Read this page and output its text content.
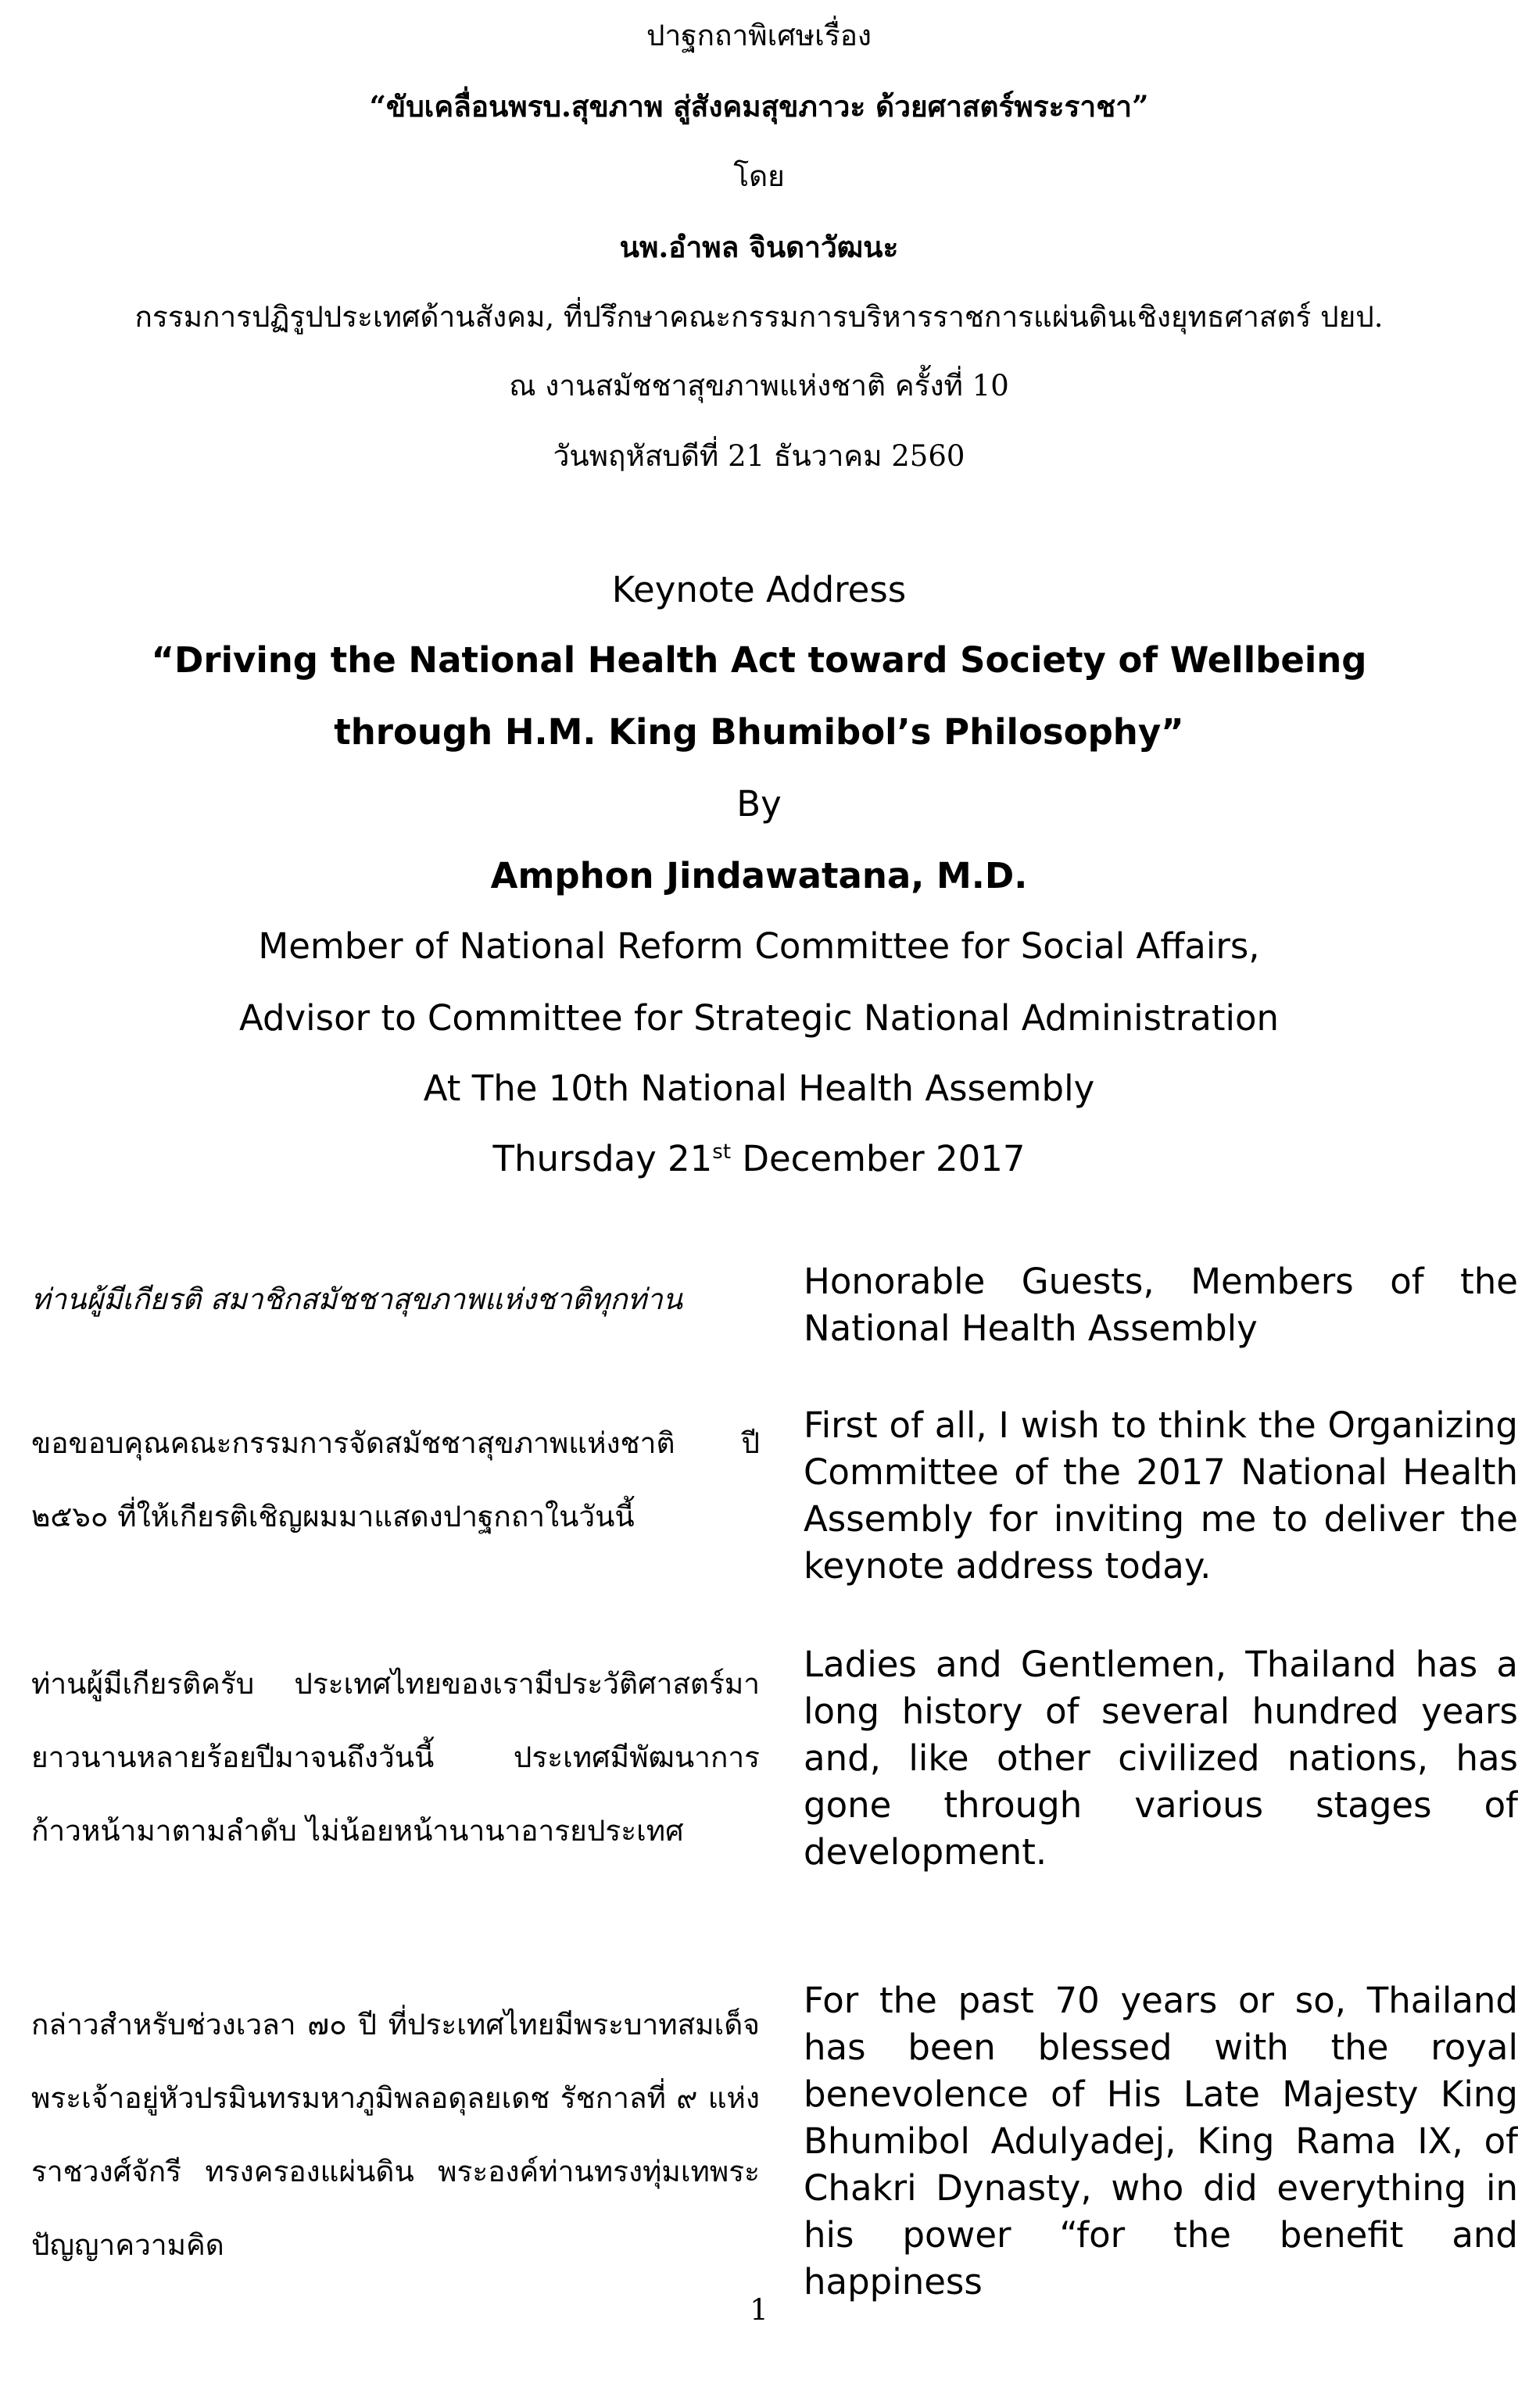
ปาฐกถาพิเศษเรื่อง

“ขับเคลื่อนพรบ.สุขภาพ สู่สังคมสุขภาวะ ด้วยศาสตร์พระราชา”

โดย

นพ.อำพล จินดาวัฒนะ

กรรมการปฏิรูปประเทศด้านสังคม, ที่ปรึกษาคณะกรรมการบริหารราชการแผ่นดินเชิงยุทธศาสตร์ ปยป.

ณ งานสมัชชาสุขภาพแห่งชาติ ครั้งที่ 10

วันพฤหัสบดีที่ 21 ธันวาคม 2560

Keynote Address

“Driving the National Health Act toward Society of Wellbeing

through H.M. King Bhumibol’s Philosophy”

By

Amphon Jindawatana, M.D.

Member of National Reform Committee for Social Affairs,

Advisor to Committee for Strategic National Administration

At The 10th National Health Assembly

Thursday 21st December 2017

ท่านผู้มีเกียรติ สมาชิกสมัชชาสุขภาพแห่งชาติทุกท่าน	Honorable Guests, Members of the National Health Assembly

ขอขอบคุณคณะกรรมการจัดสมัชชาสุขภาพแห่งชาติ ปี ๒๕๖๐ ที่ให้เกียรติเชิญผมมาแสดงปาฐกถาในวันนี้

First of all, I wish to think the Organizing Committee of the 2017 National Health Assembly for inviting me to deliver the keynote address today.

ท่านผู้มีเกียรติครับ ประเทศไทยของเรามีประวัติศาสตร์มายาวนานหลายร้อยปีมาจนถึงวันนี้ ประเทศมีพัฒนาการก้าวหน้ามาตามลำดับ ไม่น้อยหน้านานาอารยประเทศ

Ladies and Gentlemen, Thailand has a long history of several hundred years and, like other civilized nations, has gone through various stages of development.

กล่าวสำหรับช่วงเวลา ๗๐ ปี ที่ประเทศไทยมีพระบาทสมเด็จพระเจ้าอยู่หัวปรมินทรมหาภูมิพลอดุลยเดช รัชกาลที่ ๙ แห่งราชวงศ์จักรี ทรงครองแผ่นดิน พระองค์ท่านทรงทุ่มเทพระปัญญาความคิด

For the past 70 years or so, Thailand has been blessed with the royal benevolence of His Late Majesty King Bhumibol Adulyadej, King Rama IX, of Chakri Dynasty, who did everything in his power “for the benefit and happiness

1
